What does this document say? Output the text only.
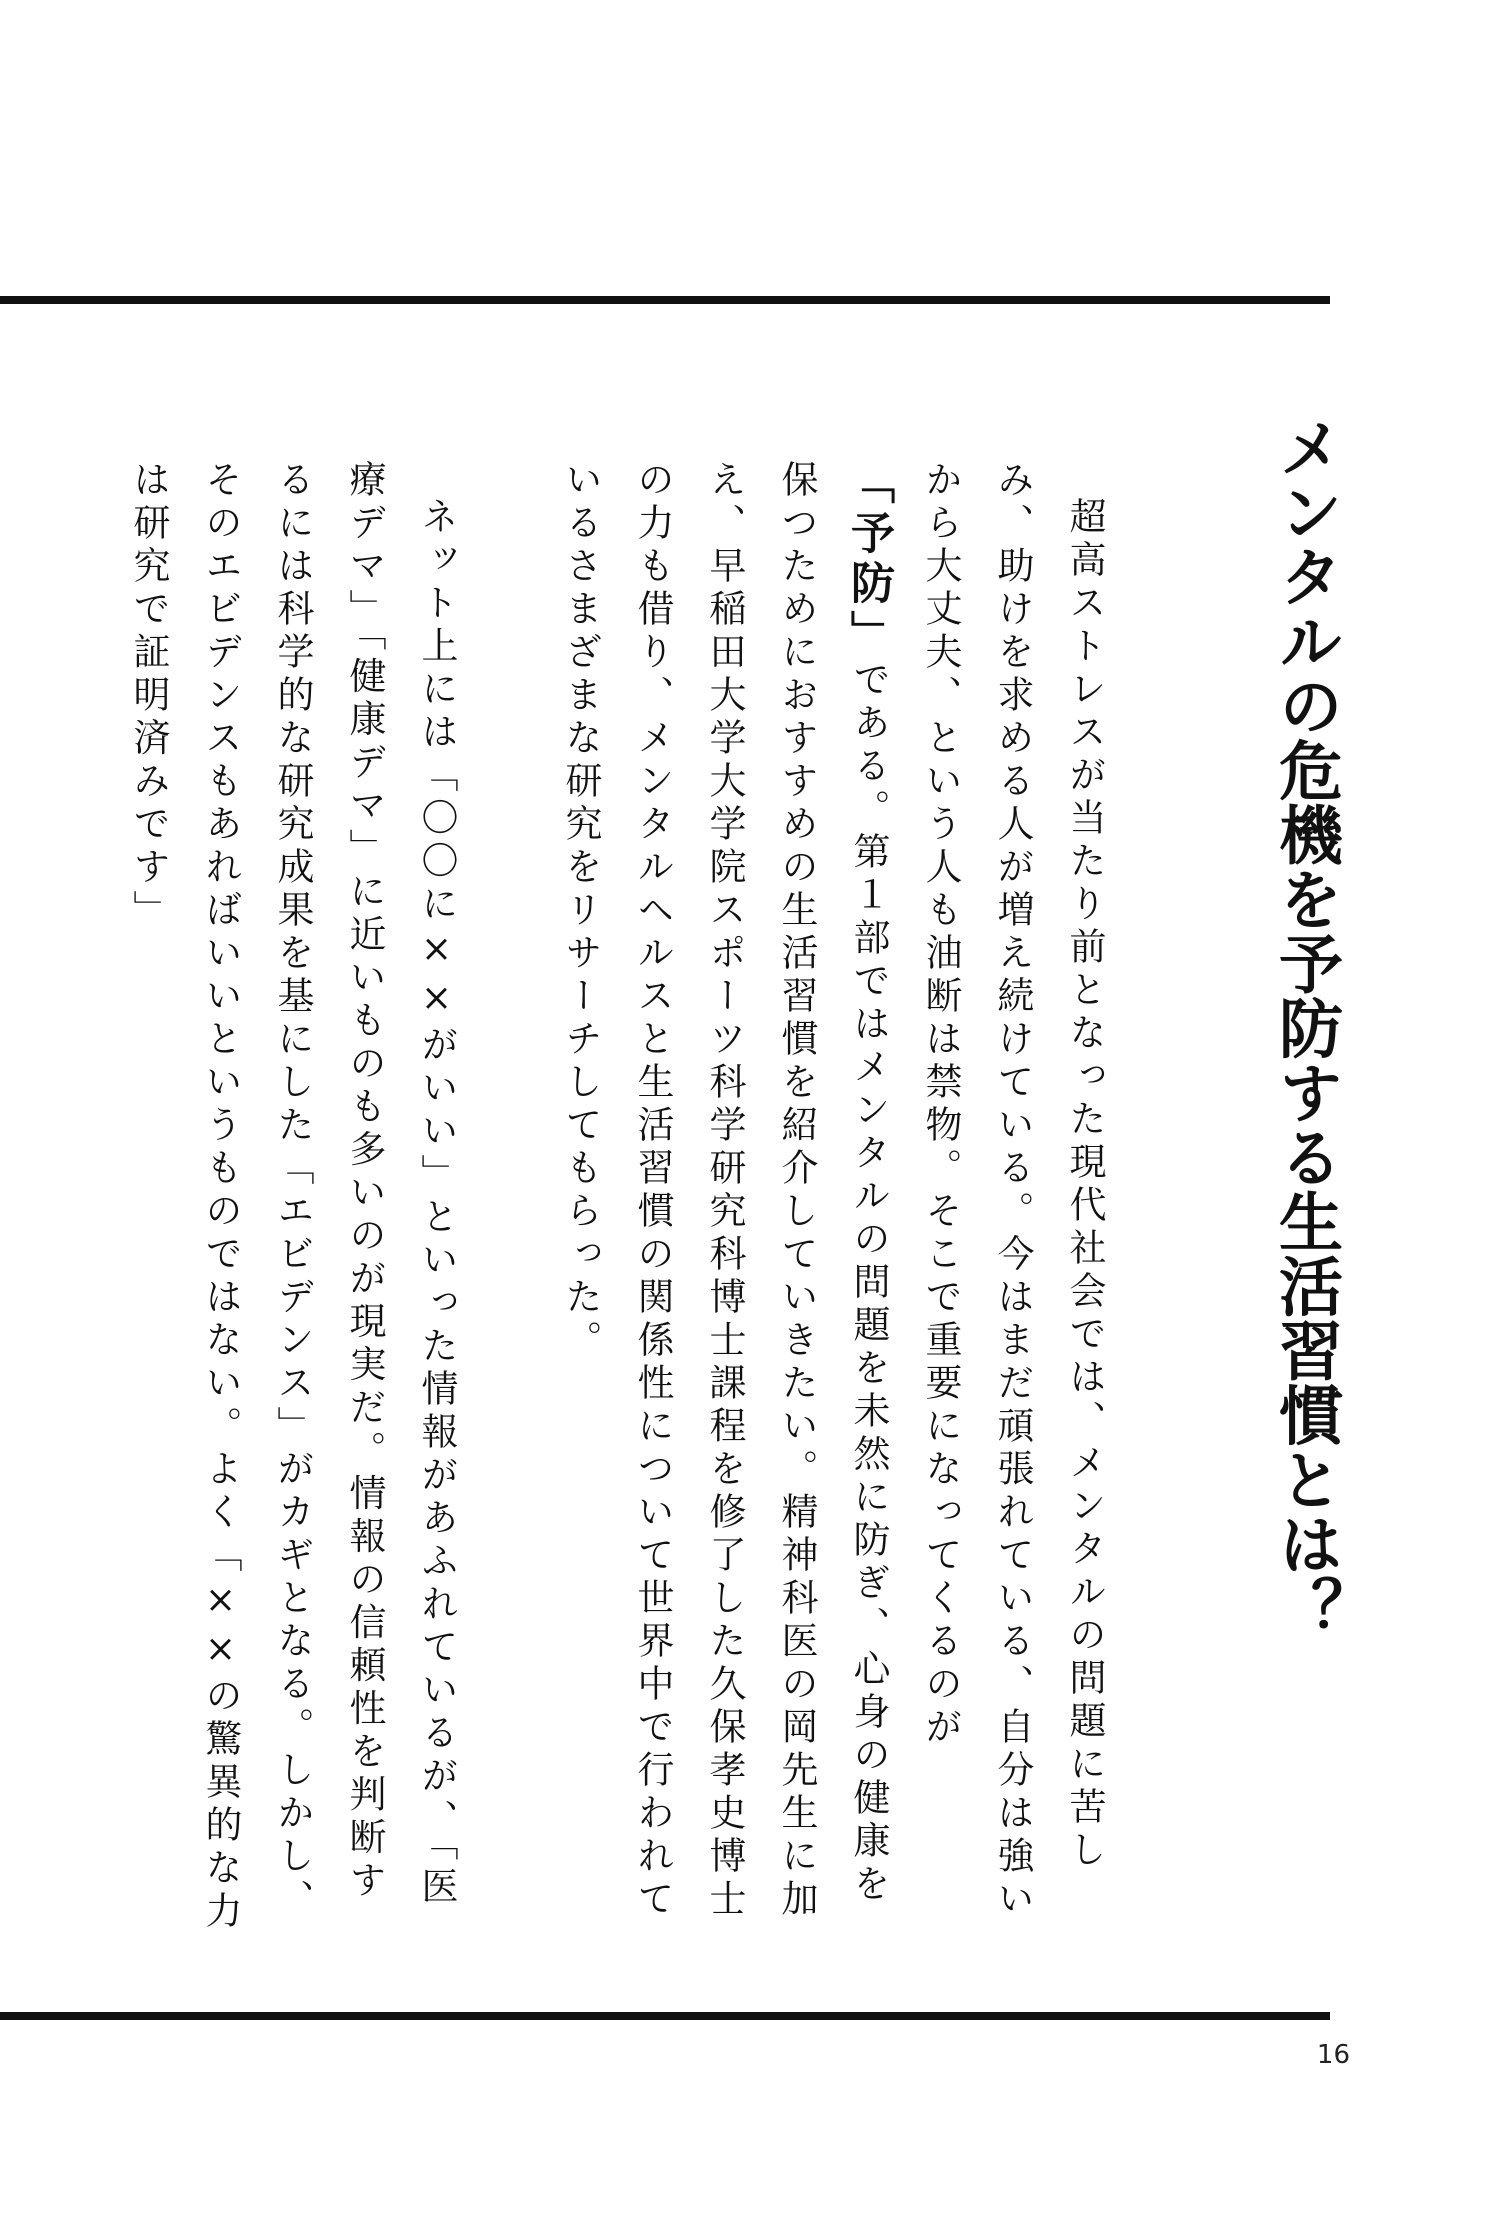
メンタルの危機を予防する生活習慣とは？

超高ストレスが当たり前となった現代社会では、メンタルの問題に苦しみ、助けを求める人が増え続けている。今はまだ頑張れている、自分は強いから大丈夫、という人も油断は禁物。そこで重要になってくるのが「予防」である。第１部ではメンタルの問題を未然に防ぎ、心身の健康を保つためにおすすめの生活習慣を紹介していきたい。精神科医の岡先生に加え、早稲田大学大学院スポーツ科学研究科博士課程を修了した久保孝史博士の力も借り、メンタルヘルスと生活習慣の関係性について世界中で行われているさまざまな研究をリサーチしてもらった。

ネット上には「〇〇に××がいい」といった情報があふれているが、「医療デマ」「健康デマ」に近いものも多いのが現実だ。情報の信頼性を判断するには科学的な研究成果を基にした「エビデンス」がカギとなる。しかし、そのエビデンスもあればいいというものではない。よく「××の驚異的な力は研究で証明済みです」

16
